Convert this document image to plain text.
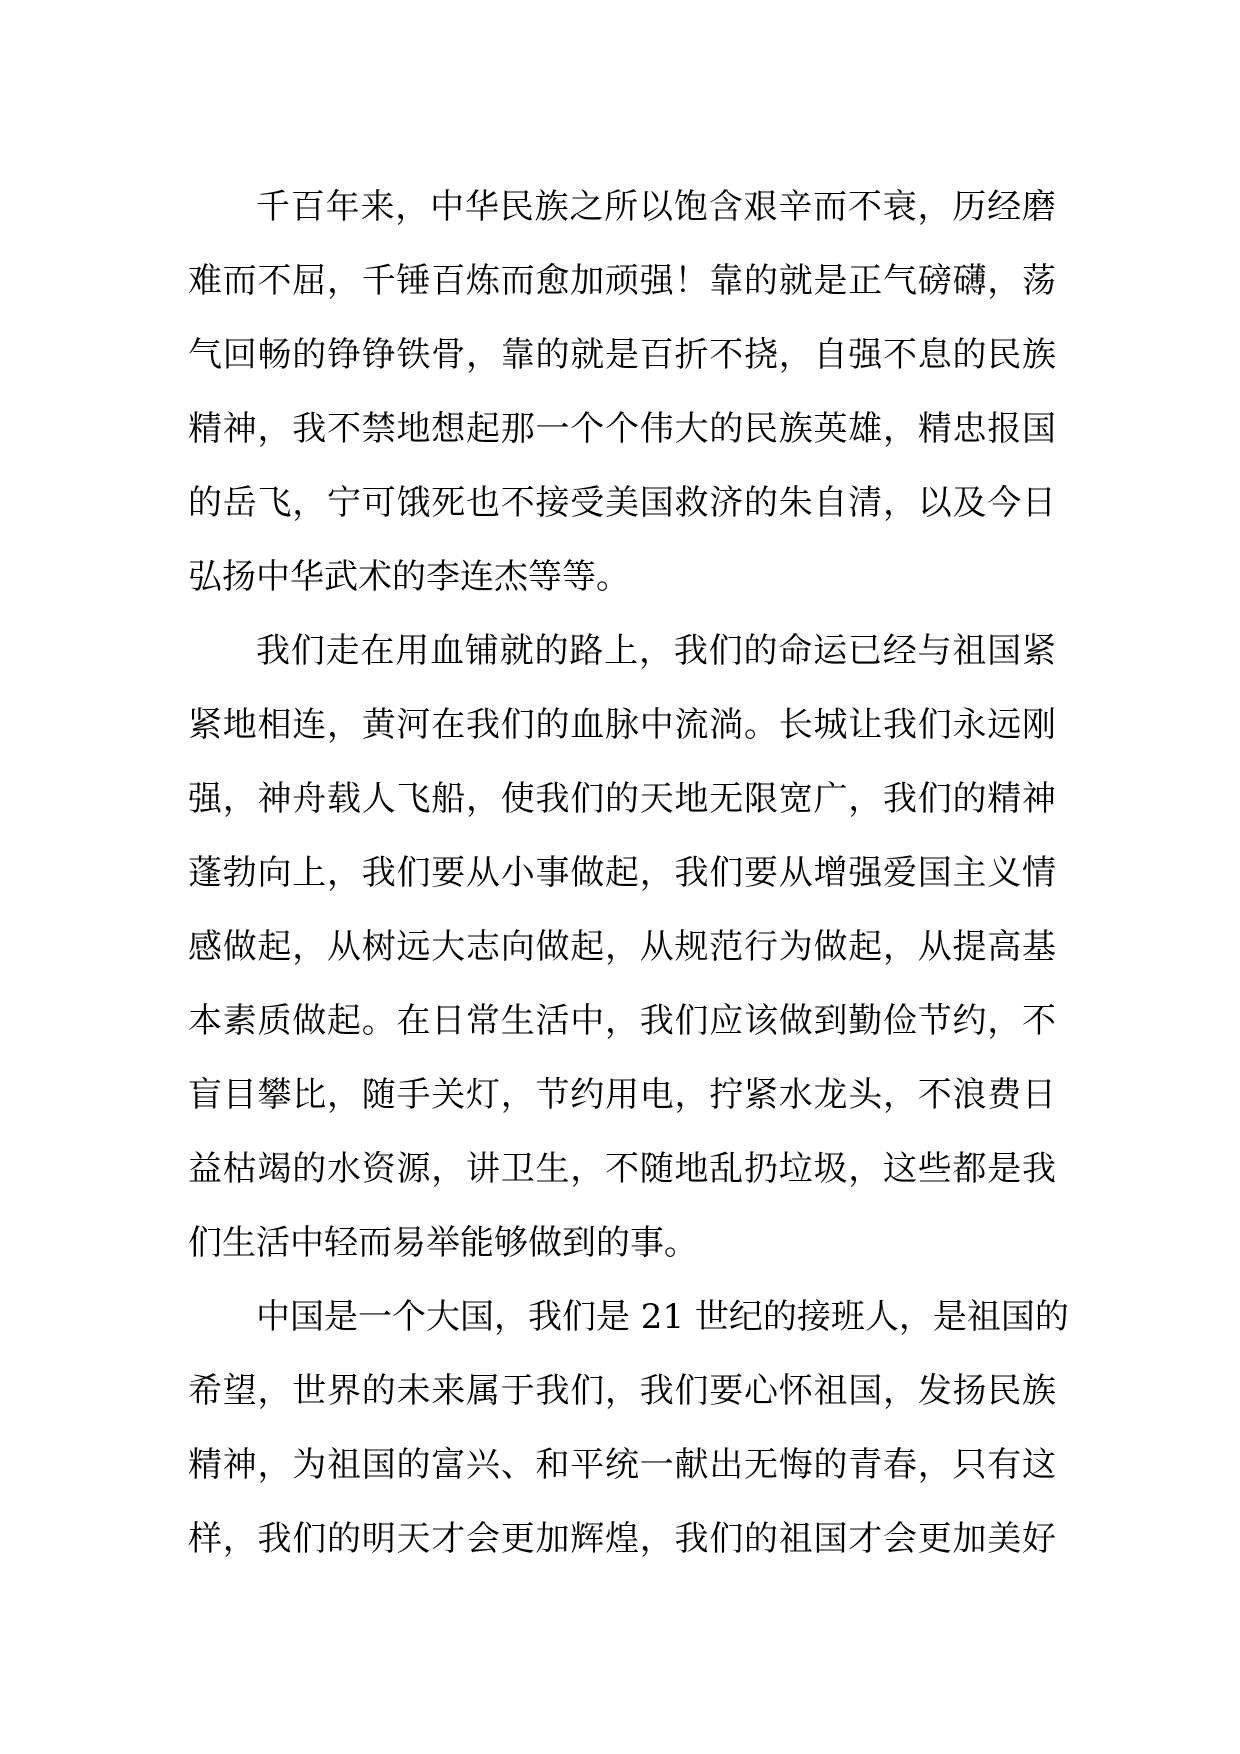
千百年来，中华民族之所以饱含艰辛而不衰，历经磨
难而不屈，千锤百炼而愈加顽强！靠的就是正气磅礴，荡
气回畅的铮铮铁骨，靠的就是百折不挠，自强不息的民族
精神，我不禁地想起那一个个伟大的民族英雄，精忠报国
的岳飞，宁可饿死也不接受美国救济的朱自清，以及今日
弘扬中华武术的李连杰等等。
我们走在用血铺就的路上，我们的命运已经与祖国紧
紧地相连，黄河在我们的血脉中流淌。长城让我们永远刚
强，神舟载人飞船，使我们的天地无限宽广，我们的精神
蓬勃向上，我们要从小事做起，我们要从增强爱国主义情
感做起，从树远大志向做起，从规范行为做起，从提高基
本素质做起。在日常生活中，我们应该做到勤俭节约，不
盲目攀比，随手关灯，节约用电，拧紧水龙头，不浪费日
益枯竭的水资源，讲卫生，不随地乱扔垃圾，这些都是我
们生活中轻而易举能够做到的事。
中国是一个大国，我们是 21 世纪的接班人，是祖国的
希望，世界的未来属于我们，我们要心怀祖国，发扬民族
精神，为祖国的富兴、和平统一献出无悔的青春，只有这
样，我们的明天才会更加辉煌，我们的祖国才会更加美好
